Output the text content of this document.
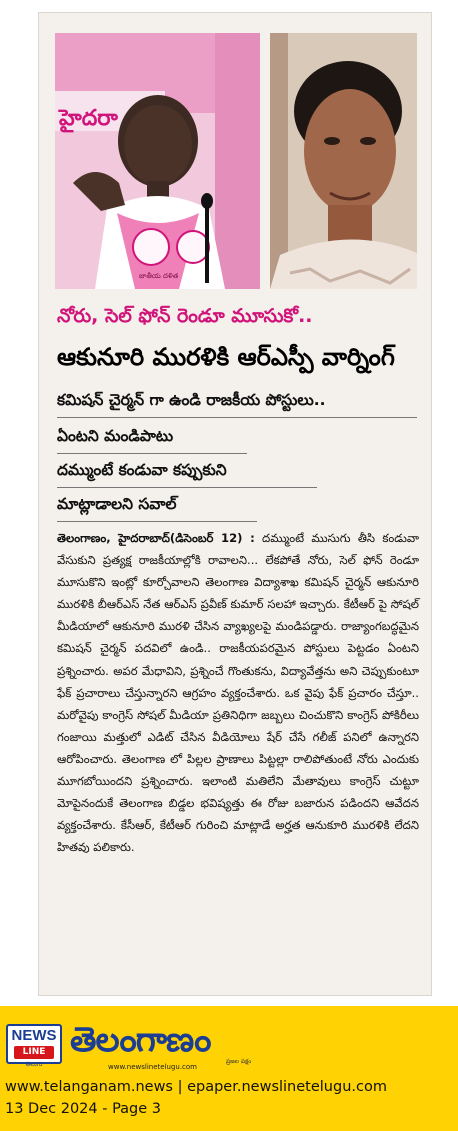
హైదరా
జాతీయ దళిత
నోరు, సెల్ ఫోన్ రెండూ మూసుకో..
ఆకునూరి మురళికి ఆర్ఎస్పీ వార్నింగ్
కమిషన్ చైర్మన్ గా ఉండి రాజకీయ పోస్టులు..
ఏంటని మండిపాటు
దమ్ముంటే కండువా కప్పుకుని
మాట్లాడాలని సవాల్
తెలంగాణం, హైదరాబాద్(డిసెంబర్ 12) : దమ్ముంటే ముసుగు తీసి కండువా వేసుకుని ప్రత్యక్ష రాజకీయాల్లోకి రావాలని... లేకపోతే నోరు, సెల్ ఫోన్ రెండూ మూసుకొని ఇంట్లో కూర్చోవాలని తెలంగాణ విద్యాశాఖ కమిషన్ చైర్మన్ ఆకునూరి మురళికి బీఆర్ఎస్ నేత ఆర్ఎస్ ప్రవీణ్ కుమార్ సలహా ఇచ్చారు. కేటీఆర్ పై సోషల్ మీడియాలో ఆకునూరి మురళి చేసిన వ్యాఖ్యలపై మండిపడ్డారు. రాజ్యాంగబద్ధమైన కమిషన్ చైర్మన్ పదవిలో ఉండి.. రాజకీయపరమైన పోస్టులు పెట్టడం ఏంటని ప్రశ్నించారు. అపర మేధావిని, ప్రశ్నించే గొంతుకను, విద్యావేత్తను అని చెప్పుకుంటూ ఫేక్ ప్రచారాలు చేస్తున్నారని ఆగ్రహం వ్యక్తంచేశారు. ఒక వైపు ఫేక్ ప్రచారం చేస్తూ.. మరోవైపు కాంగ్రెస్ సోషల్ మీడియా ప్రతినిధిగా జబ్బలు చించుకొని కాంగ్రెస్ పోకిరీలు గంజాయి మత్తులో ఎడిట్ చేసిన వీడియోలు షేర్ చేసే గలీజ్ పనిలో ఉన్నారని ఆరోపించారు. తెలంగాణ లో పిల్లల ప్రాణాలు పిట్టల్లా రాలిపోతుంటే నోరు ఎందుకు మూగబోయిందని ప్రశ్నించారు. ఇలాంటి మతిలేని మేతావులు కాంగ్రెస్ చుట్టూ మోపైనందుకే తెలంగాణ బిడ్డల భవిష్యత్తు ఈ రోజు బజారున పడిందని ఆవేదన వ్యక్తంచేశారు. కేసీఆర్, కేటీఆర్ గురించి మాట్లాడే అర్హత ఆనుకూరి మురళికి లేదని హితవు పలికారు.
NEWS
LINE
తెలుగు
తెలంగాణం
www.newslinetelugu.com
ప్రజల పక్షం
www.telanganam.news | epaper.newslinetelugu.com
13 Dec 2024 - Page 3
